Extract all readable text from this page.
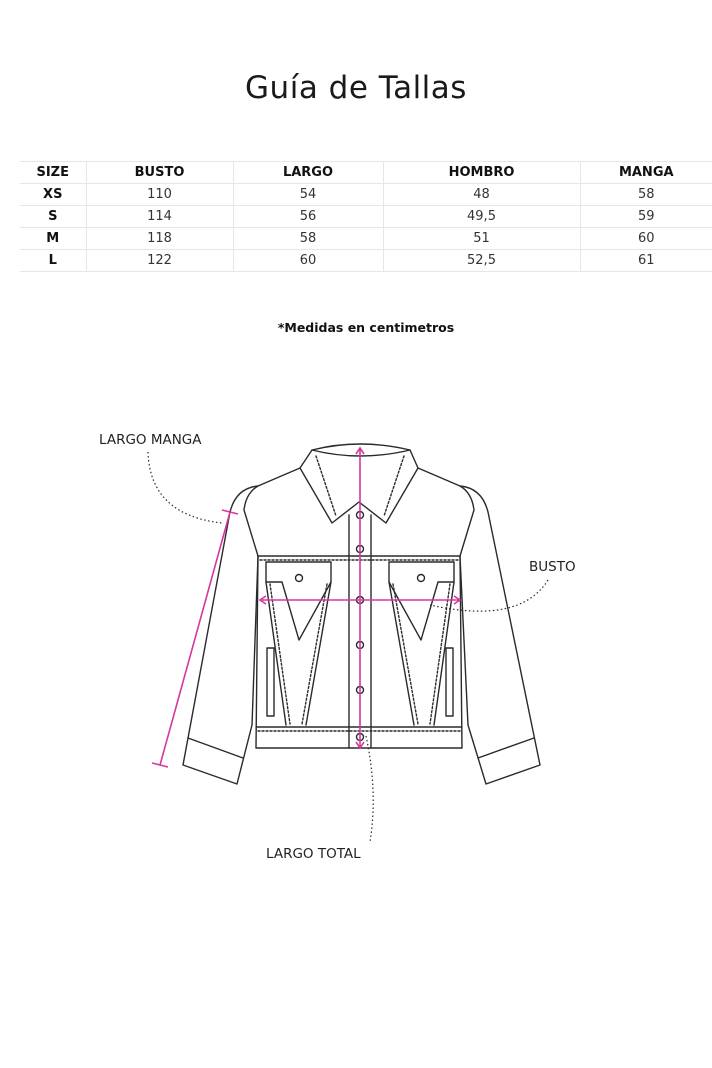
Guía de Tallas
SIZE	BUSTO	LARGO	HOMBRO	MANGA
XS	110	54	48	58
S	114	56	49,5	59
M	118	58	51	60
L	122	60	52,5	61
*Medidas en centimetros
LARGO MANGA
BUSTO
LARGO TOTAL
